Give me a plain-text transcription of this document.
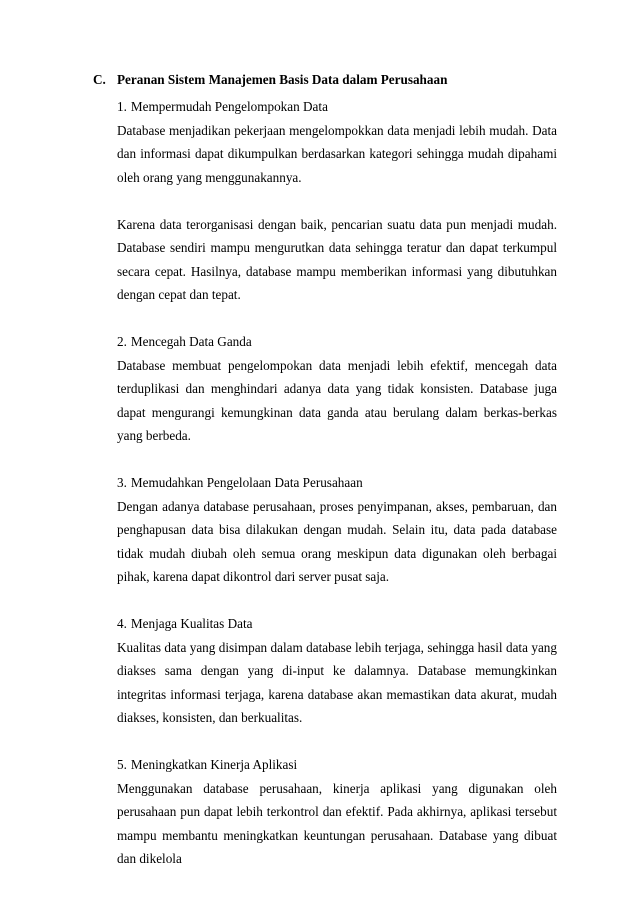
C. Peranan Sistem Manajemen Basis Data dalam Perusahaan
1. Mempermudah Pengelompokan Data

Database menjadikan pekerjaan mengelompokkan data menjadi lebih mudah. Data dan informasi dapat dikumpulkan berdasarkan kategori sehingga mudah dipahami oleh orang yang menggunakannya.

Karena data terorganisasi dengan baik, pencarian suatu data pun menjadi mudah. Database sendiri mampu mengurutkan data sehingga teratur dan dapat terkumpul secara cepat. Hasilnya, database mampu memberikan informasi yang dibutuhkan dengan cepat dan tepat.

2. Mencegah Data Ganda

Database membuat pengelompokan data menjadi lebih efektif, mencegah data terduplikasi dan menghindari adanya data yang tidak konsisten. Database juga dapat mengurangi kemungkinan data ganda atau berulang dalam berkas-berkas yang berbeda.

3. Memudahkan Pengelolaan Data Perusahaan

Dengan adanya database perusahaan, proses penyimpanan, akses, pembaruan, dan penghapusan data bisa dilakukan dengan mudah. Selain itu, data pada database tidak mudah diubah oleh semua orang meskipun data digunakan oleh berbagai pihak, karena dapat dikontrol dari server pusat saja.

4. Menjaga Kualitas Data

Kualitas data yang disimpan dalam database lebih terjaga, sehingga hasil data yang diakses sama dengan yang di-input ke dalamnya. Database memungkinkan integritas informasi terjaga, karena database akan memastikan data akurat, mudah diakses, konsisten, dan berkualitas.

5. Meningkatkan Kinerja Aplikasi

Menggunakan database perusahaan, kinerja aplikasi yang digunakan oleh perusahaan pun dapat lebih terkontrol dan efektif. Pada akhirnya, aplikasi tersebut mampu membantu meningkatkan keuntungan perusahaan. Database yang dibuat dan dikelola
